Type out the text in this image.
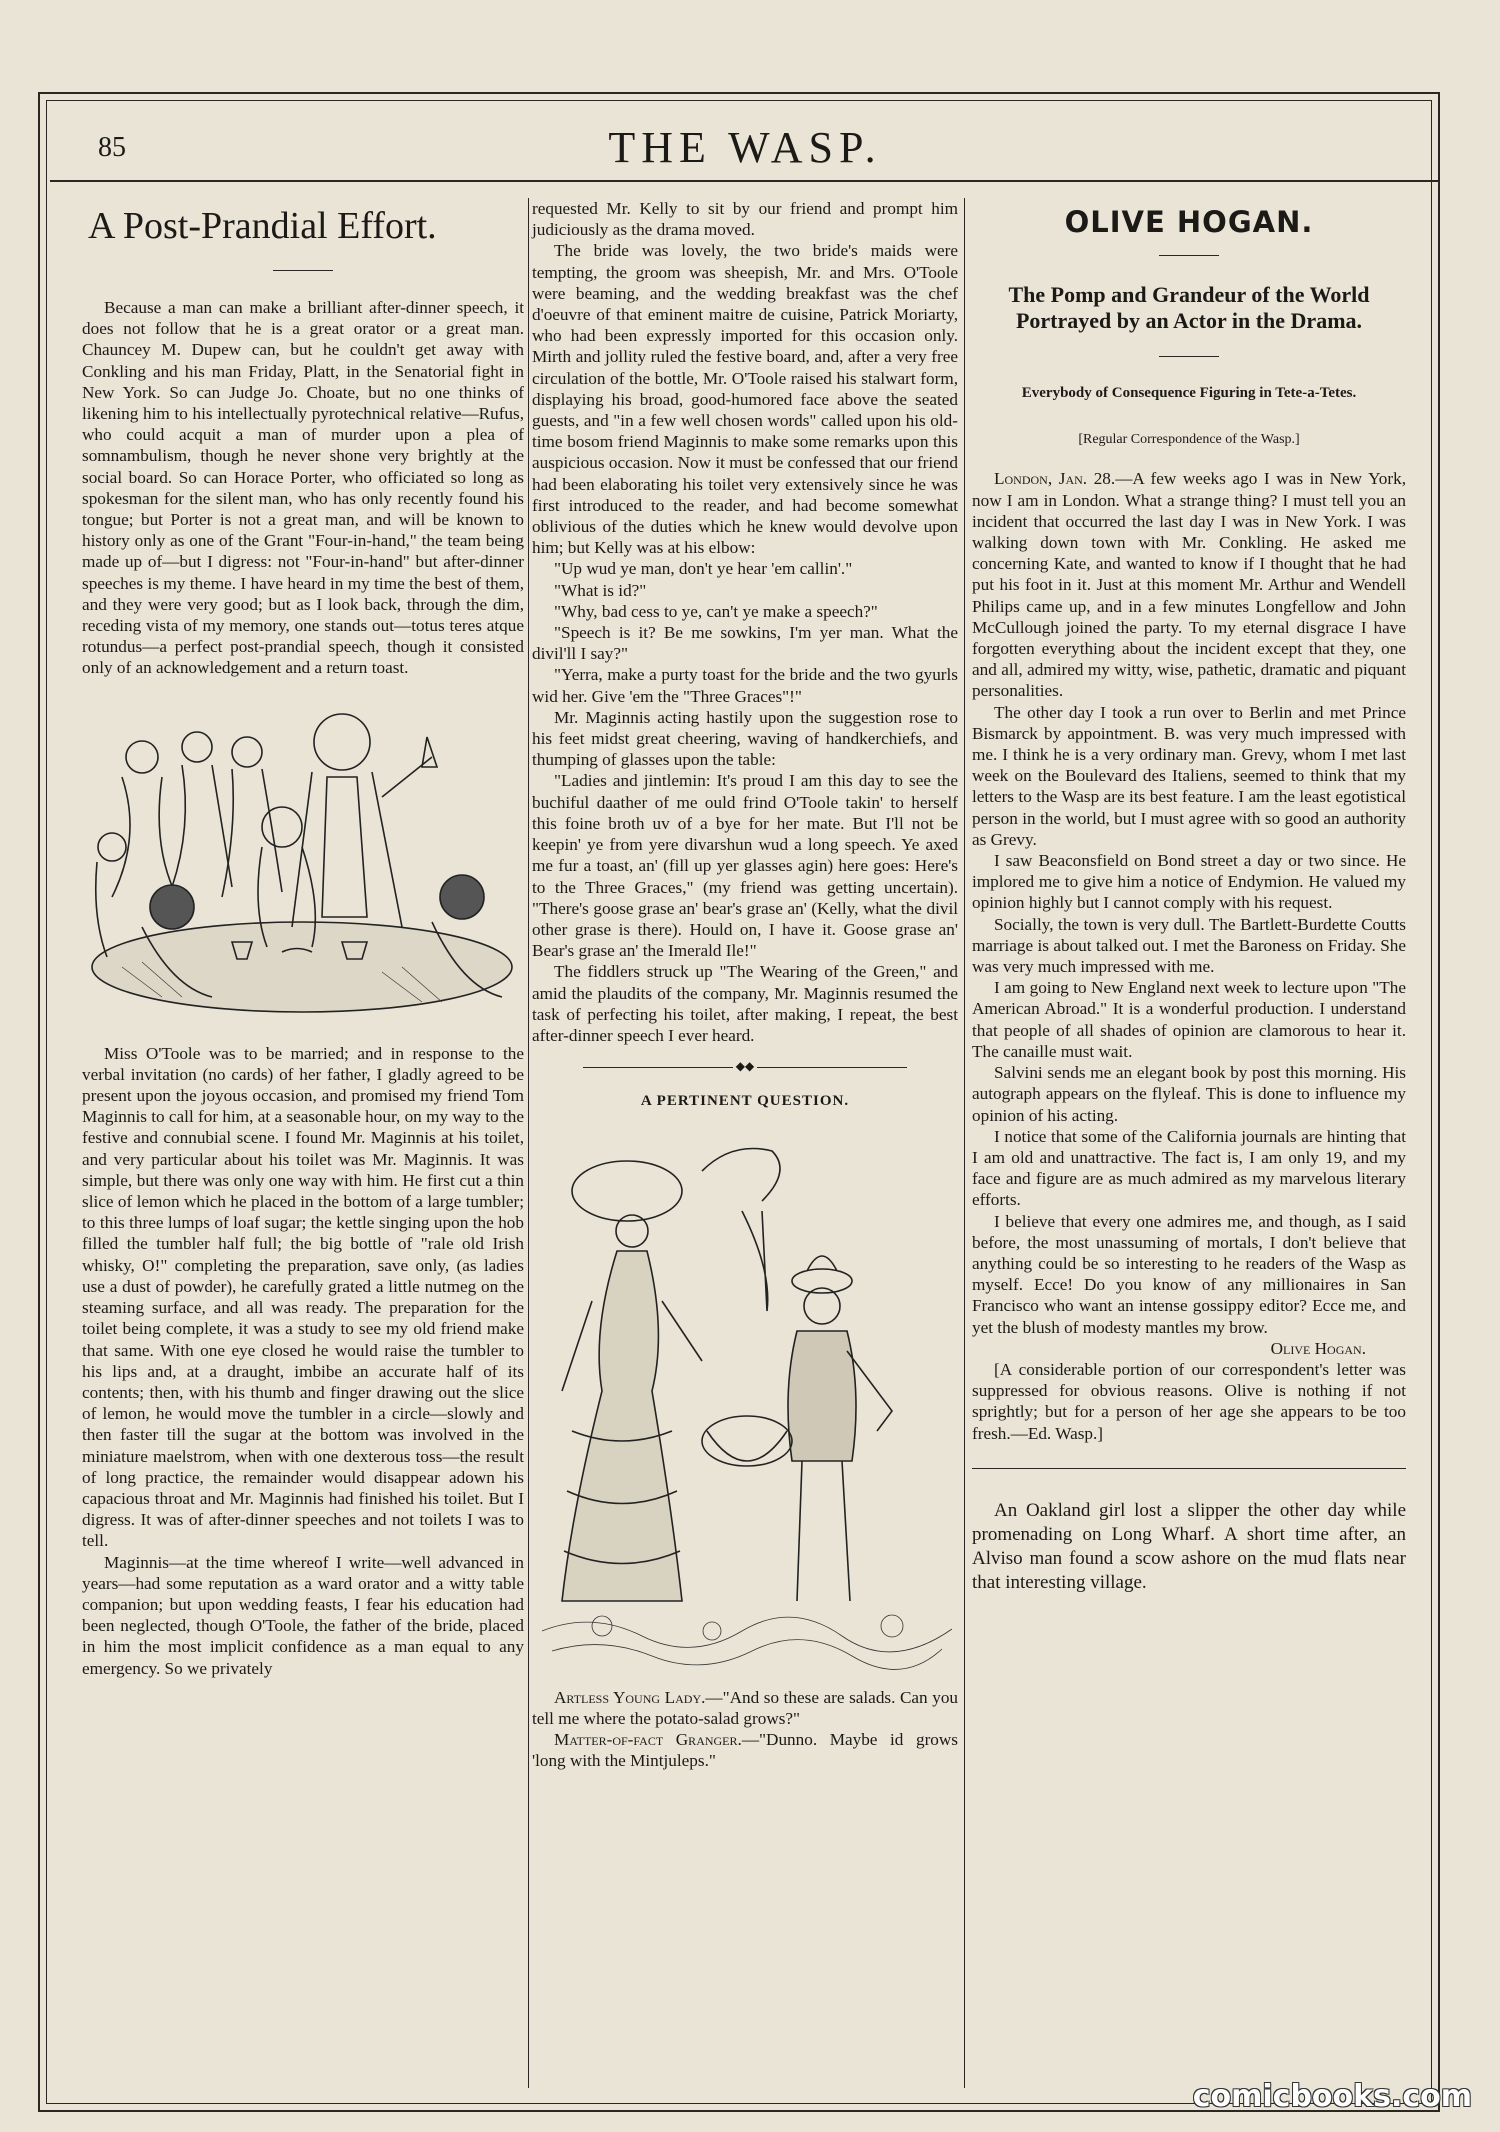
85	THE WASP.
A Post-Prandial Effort.

Because a man can make a brilliant after-dinner speech, it does not follow that he is a great orator or a great man. Chauncey M. Dupew can, but he couldn't get away with Conkling and his man Friday, Platt, in the Senatorial fight in New York. So can Judge Jo. Choate, but no one thinks of likening him to his intellectually pyrotechnical relative—Rufus, who could acquit a man of murder upon a plea of somnambulism, though he never shone very brightly at the social board. So can Horace Porter, who officiated so long as spokesman for the silent man, who has only recently found his tongue; but Porter is not a great man, and will be known to history only as one of the Grant "Four-in-hand," the team being made up of—but I digress: not "Four-in-hand" but after-dinner speeches is my theme. I have heard in my time the best of them, and they were very good; but as I look back, through the dim, receding vista of my memory, one stands out—totus teres atque rotundus—a perfect post-prandial speech, though it consisted only of an acknowledgement and a return toast.

Miss O'Toole was to be married; and in response to the verbal invitation (no cards) of her father, I gladly agreed to be present upon the joyous occasion, and promised my friend Tom Maginnis to call for him, at a seasonable hour, on my way to the festive and connubial scene. I found Mr. Maginnis at his toilet, and very particular about his toilet was Mr. Maginnis. It was simple, but there was only one way with him. He first cut a thin slice of lemon which he placed in the bottom of a large tumbler; to this three lumps of loaf sugar; the kettle singing upon the hob filled the tumbler half full; the big bottle of "rale old Irish whisky, O!" completing the preparation, save only, (as ladies use a dust of powder), he carefully grated a little nutmeg on the steaming surface, and all was ready. The preparation for the toilet being complete, it was a study to see my old friend make that same. With one eye closed he would raise the tumbler to his lips and, at a draught, imbibe an accurate half of its contents; then, with his thumb and finger drawing out the slice of lemon, he would move the tumbler in a circle—slowly and then faster till the sugar at the bottom was involved in the miniature maelstrom, when with one dexterous toss—the result of long practice, the remainder would disappear adown his capacious throat and Mr. Maginnis had finished his toilet. But I digress. It was of after-dinner speeches and not toilets I was to tell.

Maginnis—at the time whereof I write—well advanced in years—had some reputation as a ward orator and a witty table companion; but upon wedding feasts, I fear his education had been neglected, though O'Toole, the father of the bride, placed in him the most implicit confidence as a man equal to any emergency. So we privately

requested Mr. Kelly to sit by our friend and prompt him judiciously as the drama moved.

The bride was lovely, the two bride's maids were tempting, the groom was sheepish, Mr. and Mrs. O'Toole were beaming, and the wedding breakfast was the chef d'oeuvre of that eminent maitre de cuisine, Patrick Moriarty, who had been expressly imported for this occasion only. Mirth and jollity ruled the festive board, and, after a very free circulation of the bottle, Mr. O'Toole raised his stalwart form, displaying his broad, good-humored face above the seated guests, and "in a few well chosen words" called upon his old-time bosom friend Maginnis to make some remarks upon this auspicious occasion. Now it must be confessed that our friend had been elaborating his toilet very extensively since he was first introduced to the reader, and had become somewhat oblivious of the duties which he knew would devolve upon him; but Kelly was at his elbow:

"Up wud ye man, don't ye hear 'em callin'."

"What is id?"

"Why, bad cess to ye, can't ye make a speech?"

"Speech is it? Be me sowkins, I'm yer man. What the divil'll I say?"

"Yerra, make a purty toast for the bride and the two gyurls wid her. Give 'em the "Three Graces"!"

Mr. Maginnis acting hastily upon the suggestion rose to his feet midst great cheering, waving of handkerchiefs, and thumping of glasses upon the table:

"Ladies and jintlemin: It's proud I am this day to see the buchiful daather of me ould frind O'Toole takin' to herself this foine broth uv of a bye for her mate. But I'll not be keepin' ye from yere divarshun wud a long speech. Ye axed me fur a toast, an' (fill up yer glasses agin) here goes: Here's to the Three Graces," (my friend was getting uncertain). "There's goose grase an' bear's grase an' (Kelly, what the divil other grase is there). Hould on, I have it. Goose grase an' Bear's grase an' the Imerald Ile!"

The fiddlers struck up "The Wearing of the Green," and amid the plaudits of the company, Mr. Maginnis resumed the task of perfecting his toilet, after making, I repeat, the best after-dinner speech I ever heard.

◆◆
A PERTINENT QUESTION.

Artless Young Lady.—"And so these are salads. Can you tell me where the potato-salad grows?"

Matter-of-fact Granger.—"Dunno. Maybe id grows 'long with the Mintjuleps."

OLIVE HOGAN.
The Pomp and Grandeur of the World Portrayed by an Actor in the Drama.
Everybody of Consequence Figuring in Tete-a-Tetes.
[Regular Correspondence of the Wasp.]

London, Jan. 28.—A few weeks ago I was in New York, now I am in London. What a strange thing? I must tell you an incident that occurred the last day I was in New York. I was walking down town with Mr. Conkling. He asked me concerning Kate, and wanted to know if I thought that he had put his foot in it. Just at this moment Mr. Arthur and Wendell Philips came up, and in a few minutes Longfellow and John McCullough joined the party. To my eternal disgrace I have forgotten everything about the incident except that they, one and all, admired my witty, wise, pathetic, dramatic and piquant personalities.

The other day I took a run over to Berlin and met Prince Bismarck by appointment. B. was very much impressed with me. I think he is a very ordinary man. Grevy, whom I met last week on the Boulevard des Italiens, seemed to think that my letters to the Wasp are its best feature. I am the least egotistical person in the world, but I must agree with so good an authority as Grevy.

I saw Beaconsfield on Bond street a day or two since. He implored me to give him a notice of Endymion. He valued my opinion highly but I cannot comply with his request.

Socially, the town is very dull. The Bartlett-Burdette Coutts marriage is about talked out. I met the Baroness on Friday. She was very much impressed with me.

I am going to New England next week to lecture upon "The American Abroad." It is a wonderful production. I understand that people of all shades of opinion are clamorous to hear it. The canaille must wait.

Salvini sends me an elegant book by post this morning. His autograph appears on the flyleaf. This is done to influence my opinion of his acting.

I notice that some of the California journals are hinting that I am old and unattractive. The fact is, I am only 19, and my face and figure are as much admired as my marvelous literary efforts.

I believe that every one admires me, and though, as I said before, the most unassuming of mortals, I don't believe that anything could be so interesting to he readers of the Wasp as myself. Ecce! Do you know of any millionaires in San Francisco who want an intense gossippy editor? Ecce me, and yet the blush of modesty mantles my brow.

Olive Hogan.

[A considerable portion of our correspondent's letter was suppressed for obvious reasons. Olive is nothing if not sprightly; but for a person of her age she appears to be too fresh.—Ed. Wasp.]

An Oakland girl lost a slipper the other day while promenading on Long Wharf. A short time after, an Alviso man found a scow ashore on the mud flats near that interesting village.

comicbooks.com
